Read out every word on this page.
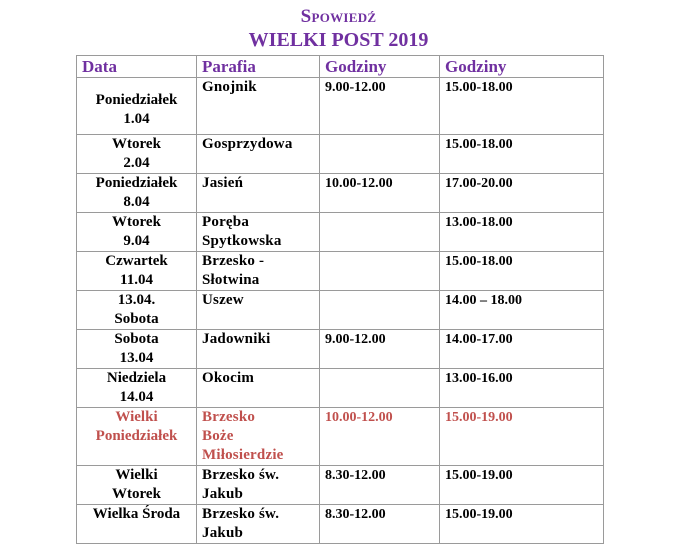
Spowiedź
WIELKI POST 2019
Data	Parafia	Godziny	Godziny

Poniedziałek
1.04	Gnojnik	9.00-12.00	15.00-18.00

Wtorek
2.04	Gosprzydowa		15.00-18.00

Poniedziałek
8.04	Jasień	10.00-12.00	17.00-20.00

Wtorek
9.04	Poręba
Spytkowska		13.00-18.00

Czwartek
11.04	Brzesko -
Słotwina		15.00-18.00

13.04.
Sobota	Uszew		14.00 – 18.00

Sobota
13.04	Jadowniki	9.00-12.00	14.00-17.00

Niedziela
14.04	Okocim		13.00-16.00

Wielki
Poniedziałek	Brzesko
Boże
Miłosierdzie	10.00-12.00	15.00-19.00

Wielki
Wtorek	Brzesko św.
Jakub	8.30-12.00	15.00-19.00

Wielka Środa	Brzesko św.
Jakub	8.30-12.00	15.00-19.00
